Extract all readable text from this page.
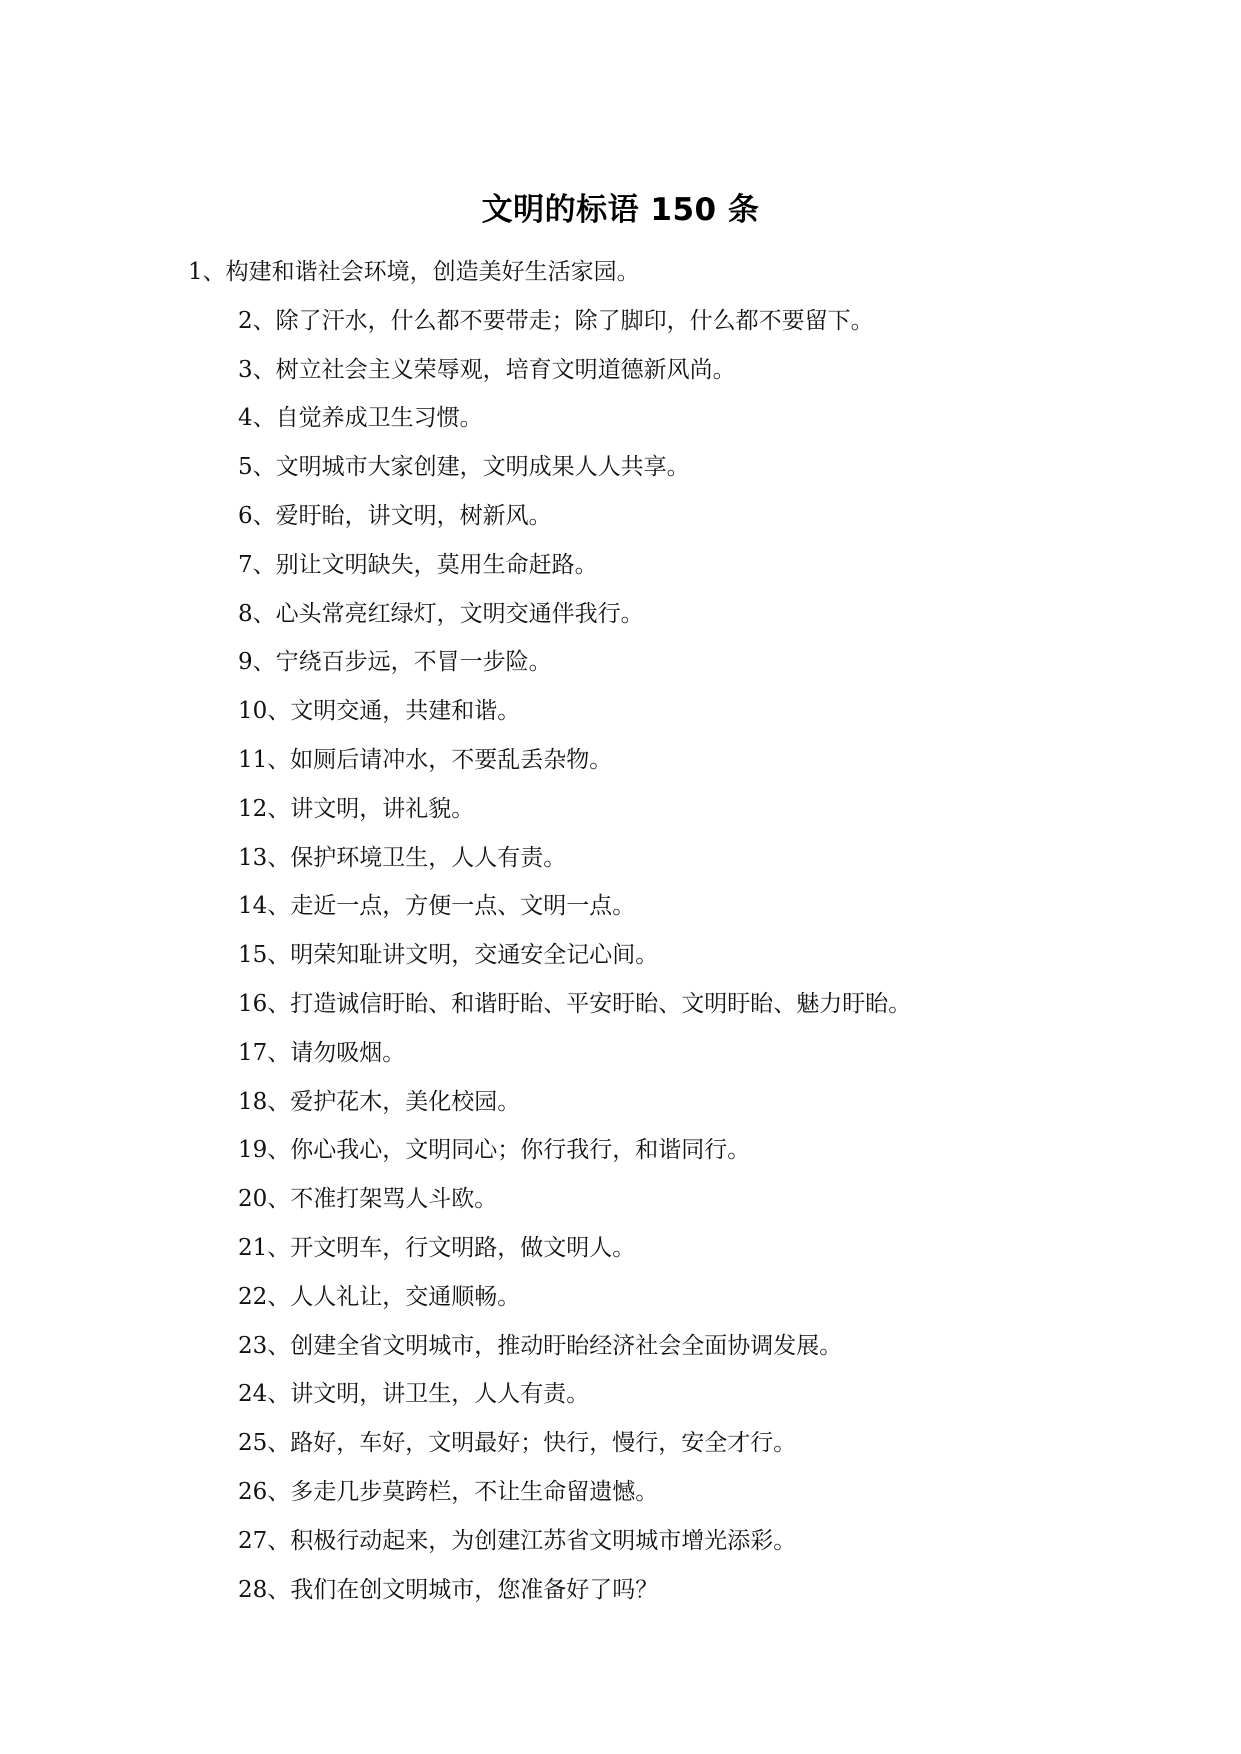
文明的标语 150 条
1、构建和谐社会环境，创造美好生活家园。
2、除了汗水，什么都不要带走；除了脚印，什么都不要留下。
3、树立社会主义荣辱观，培育文明道德新风尚。
4、自觉养成卫生习惯。
5、文明城市大家创建，文明成果人人共享。
6、爱盱眙，讲文明，树新风。
7、别让文明缺失，莫用生命赶路。
8、心头常亮红绿灯，文明交通伴我行。
9、宁绕百步远，不冒一步险。
10、文明交通，共建和谐。
11、如厕后请冲水，不要乱丢杂物。
12、讲文明，讲礼貌。
13、保护环境卫生，人人有责。
14、走近一点，方便一点、文明一点。
15、明荣知耻讲文明，交通安全记心间。
16、打造诚信盱眙、和谐盱眙、平安盱眙、文明盱眙、魅力盱眙。
17、请勿吸烟。
18、爱护花木，美化校园。
19、你心我心，文明同心；你行我行，和谐同行。
20、不准打架骂人斗欧。
21、开文明车，行文明路，做文明人。
22、人人礼让，交通顺畅。
23、创建全省文明城市，推动盱眙经济社会全面协调发展。
24、讲文明，讲卫生，人人有责。
25、路好，车好，文明最好；快行，慢行，安全才行。
26、多走几步莫跨栏，不让生命留遗憾。
27、积极行动起来，为创建江苏省文明城市增光添彩。
28、我们在创文明城市，您准备好了吗？
